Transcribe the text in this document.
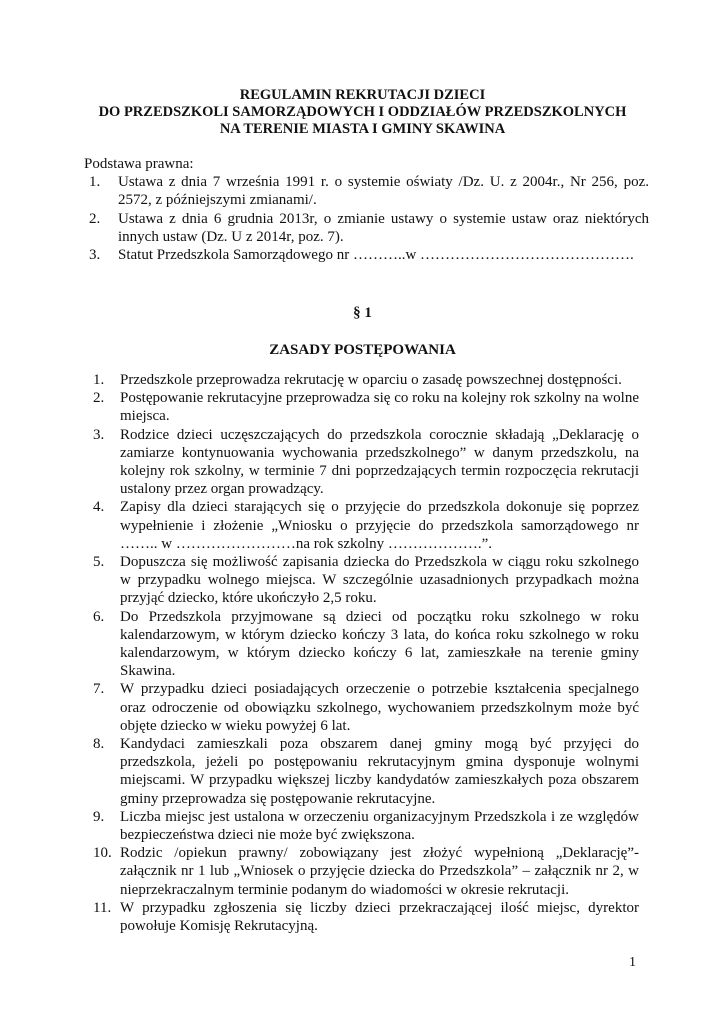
REGULAMIN REKRUTACJI DZIECI
DO PRZEDSZKOLI SAMORZĄDOWYCH I ODDZIAŁÓW PRZEDSZKOLNYCH
NA TERENIE MIASTA I GMINY SKAWINA
Podstawa prawna:
1. Ustawa z dnia 7 września 1991 r. o systemie oświaty /Dz. U. z 2004r., Nr 256, poz. 2572, z późniejszymi zmianami/.
2. Ustawa z dnia 6 grudnia 2013r, o zmianie ustawy o systemie ustaw oraz niektórych innych ustaw (Dz. U z 2014r, poz. 7).
3. Statut Przedszkola Samorządowego nr ………..w …………………………………….
§ 1
ZASADY POSTĘPOWANIA
1. Przedszkole przeprowadza rekrutację w oparciu o zasadę powszechnej dostępności.
2. Postępowanie rekrutacyjne przeprowadza się co roku na kolejny rok szkolny na wolne miejsca.
3. Rodzice dzieci uczęszczających do przedszkola corocznie składają „Deklarację o zamiarze kontynuowania wychowania przedszkolnego” w danym przedszkolu, na kolejny rok szkolny, w terminie 7 dni poprzedzających termin rozpoczęcia rekrutacji ustalony przez organ prowadzący.
4. Zapisy dla dzieci starających się o przyjęcie do przedszkola dokonuje się poprzez wypełnienie i złożenie „Wniosku o przyjęcie do przedszkola samorządowego nr …….. w ……………………na rok szkolny ……………….”.
5. Dopuszcza się możliwość zapisania dziecka do Przedszkola w ciągu roku szkolnego w przypadku wolnego miejsca. W szczególnie uzasadnionych przypadkach można przyjąć dziecko, które ukończyło 2,5 roku.
6. Do Przedszkola przyjmowane są dzieci od początku roku szkolnego w roku kalendarzowym, w którym dziecko kończy 3 lata, do końca roku szkolnego w roku kalendarzowym, w którym dziecko kończy 6 lat, zamieszkałe na terenie gminy Skawina.
7. W przypadku dzieci posiadających orzeczenie o potrzebie kształcenia specjalnego oraz odroczenie od obowiązku szkolnego, wychowaniem przedszkolnym może być objęte dziecko w wieku powyżej 6 lat.
8. Kandydaci zamieszkali poza obszarem danej gminy mogą być przyjęci do przedszkola, jeżeli po postępowaniu rekrutacyjnym gmina dysponuje wolnymi miejscami. W przypadku większej liczby kandydatów zamieszkałych poza obszarem gminy przeprowadza się postępowanie rekrutacyjne.
9. Liczba miejsc jest ustalona w orzeczeniu organizacyjnym Przedszkola i ze względów bezpieczeństwa dzieci nie może być zwiększona.
10. Rodzic /opiekun prawny/ zobowiązany jest złożyć wypełnioną „Deklarację”- załącznik nr 1 lub „Wniosek o przyjęcie dziecka do Przedszkola” – załącznik nr 2, w nieprzekraczalnym terminie podanym do wiadomości w okresie rekrutacji.
11. W przypadku zgłoszenia się liczby dzieci przekraczającej ilość miejsc, dyrektor powołuje Komisję Rekrutacyjną.
1
